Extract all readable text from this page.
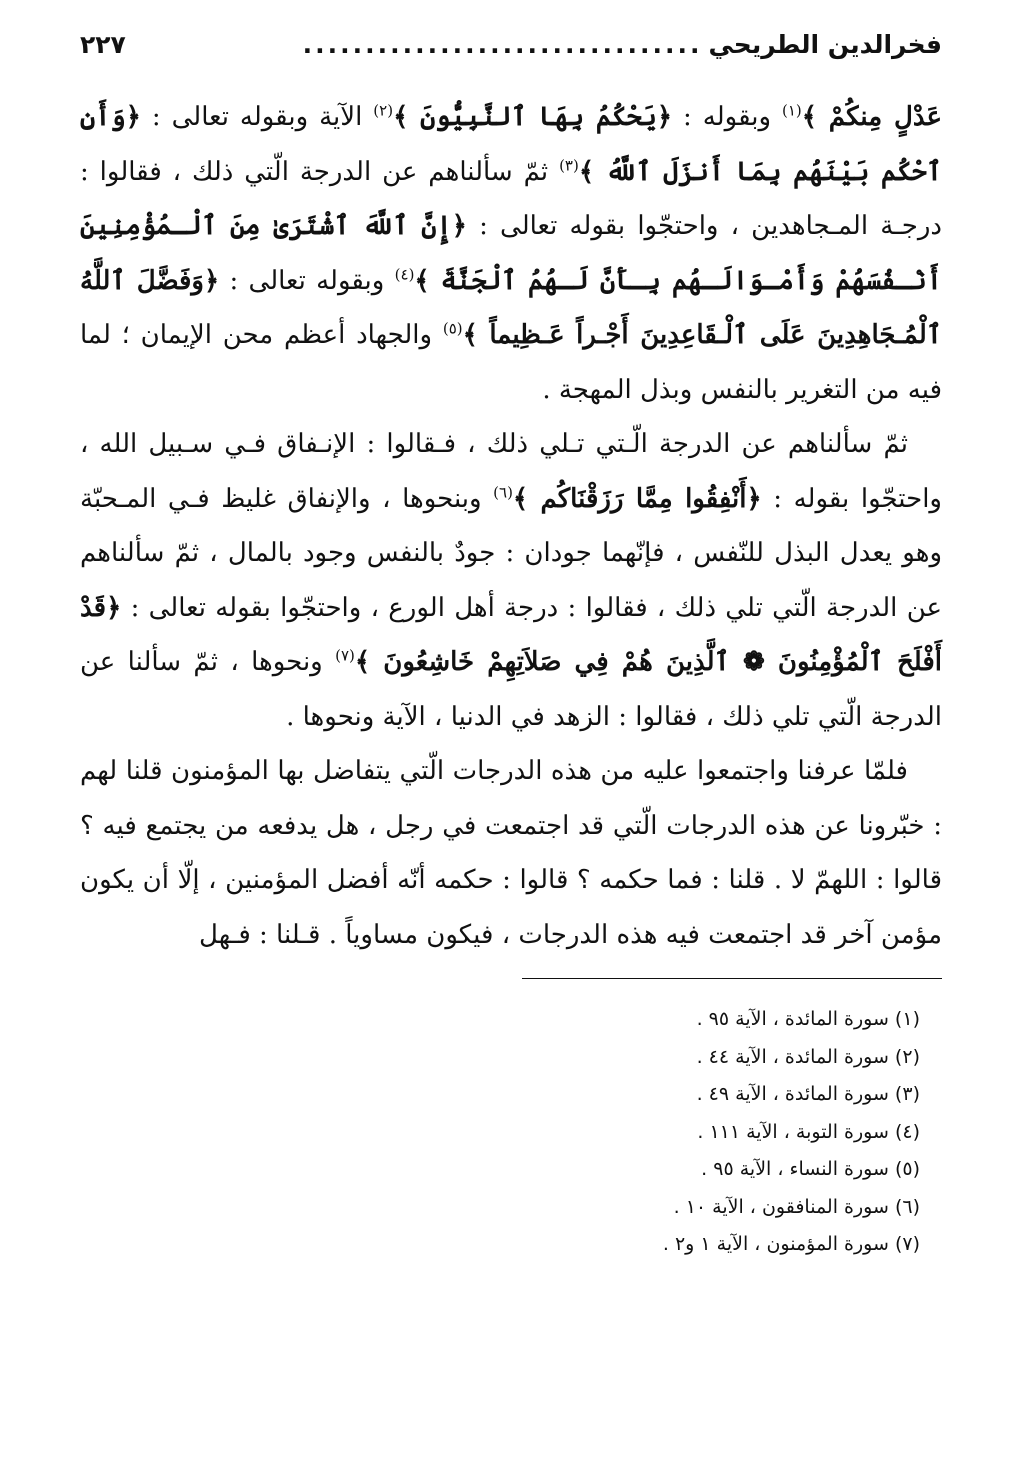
فخرالدين الطريحي
................................
٢٢٧

عَدْلٍ مِنكُمْ ﴾$^{(١)}$ وبقوله : ﴿يَحْكُمُ بِهَا ٱلنَّبِيُّونَ ﴾$^{(٢)}$ الآية وبقوله تعالى : ﴿وَأَنِ ٱحْكُم بَيْنَهُم بِمَا أَنزَلَ ٱللَّهُ ﴾$^{(٣)}$ ثمّ سألناهم عن الدرجة الّتي ذلك ، فقالوا : درجـة المـجاهدين ، واحتجّوا بقوله تعالى : ﴿إِنَّ ٱللَّهَ ٱشْتَرَىٰ مِنَ ٱلْـمُؤْمِنِينَ أَنْـفُسَهُمْ وَأَمْـوَالَـهُم بِـأَنَّ لَـهُمُ ٱلْجَنَّةَ ﴾$^{(٤)}$ وبقوله تعالى : ﴿وَفَضَّلَ ٱللَّهُ ٱلْمُـجَاهِدِينَ عَلَى ٱلْـقَاعِدِينَ أَجْـراً عَـظِيماً ﴾$^{(٥)}$ والجهاد أعظم محن الإيمان ؛ لما فيه من التغرير بالنفس وبذل المهجة .

ثمّ سألناهم عن الدرجة الّـتي تـلي ذلك ، فـقالوا : الإنـفاق فـي سـبيل الله ، واحتجّوا بقوله : ﴿أَنْفِقُوا مِمَّا رَزَقْنَاكُم ﴾$^{(٦)}$ وبنحوها ، والإنفاق غليظ فـي المـحبّة وهو يعدل البذل للنّفس ، فإنّهما جودان : جودٌ بالنفس وجود بالمال ، ثمّ سألناهم عن الدرجة الّتي تلي ذلك ، فقالوا : درجة أهل الورع ، واحتجّوا بقوله تعالى : ﴿قَدْ أَفْلَحَ ٱلْمُؤْمِنُونَ ❁ ٱلَّذِينَ هُمْ فِي صَلاَتِهِمْ خَاشِعُونَ ﴾$^{(٧)}$ ونحوها ، ثمّ سألنا عن الدرجة الّتي تلي ذلك ، فقالوا : الزهد في الدنيا ، الآية ونحوها .

فلمّا عرفنا واجتمعوا عليه من هذه الدرجات الّتي يتفاضل بها المؤمنون قلنا لهم : خبّرونا عن هذه الدرجات الّتي قد اجتمعت في رجل ، هل يدفعه من يجتمع فيه ؟ قالوا : اللهمّ لا . قلنا : فما حكمه ؟ قالوا : حكمه أنّه أفضل المؤمنين ، إلّا أن يكون مؤمن آخر قد اجتمعت فيه هذه الدرجات ، فيكون مساوياً . قـلنا : فـهل

(١) سورة المائدة ، الآية ٩٥ .
(٢) سورة المائدة ، الآية ٤٤ .
(٣) سورة المائدة ، الآية ٤٩ .
(٤) سورة التوبة ، الآية ١١١ .
(٥) سورة النساء ، الآية ٩٥ .
(٦) سورة المنافقون ، الآية ١٠ .
(٧) سورة المؤمنون ، الآية ١ و٢ .
